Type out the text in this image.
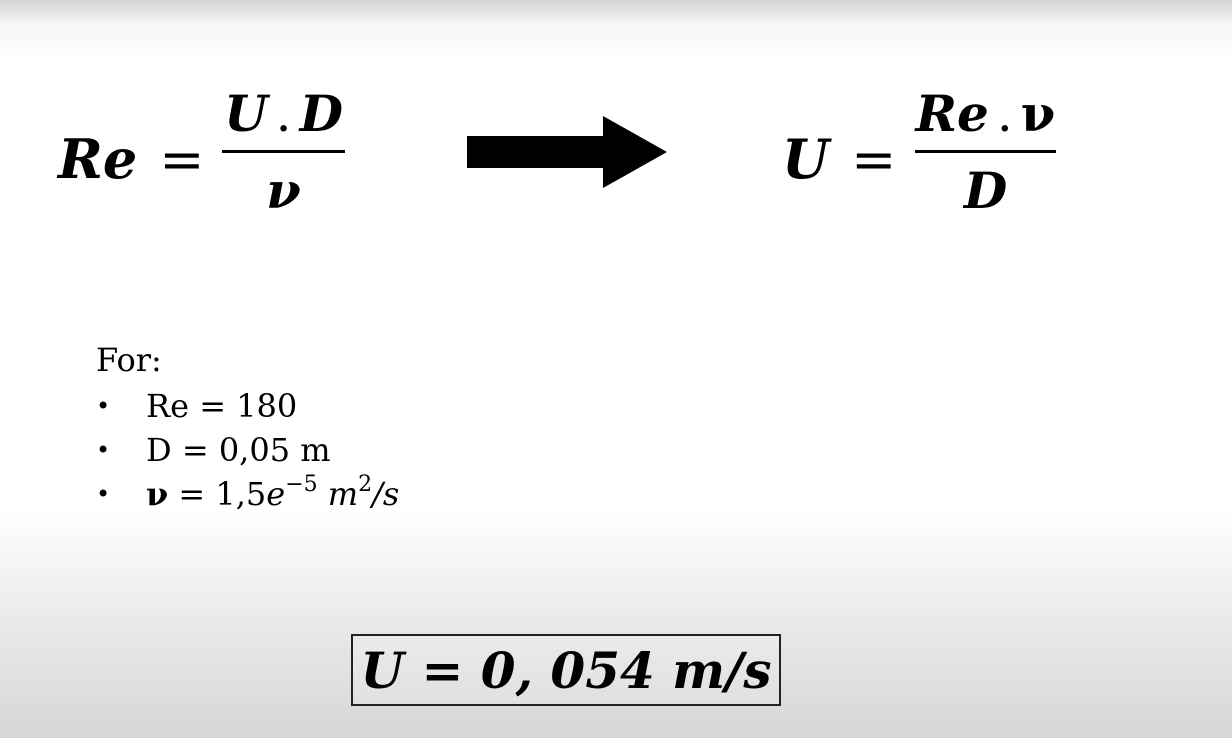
Re =
U . D
ν	U =
Re . ν
D
For:
•	Re = 180
•	D = 0,05 m
•	$\nu = 1,5e^{-5}$ $m^2/s$
U = 0, 054 m/s
